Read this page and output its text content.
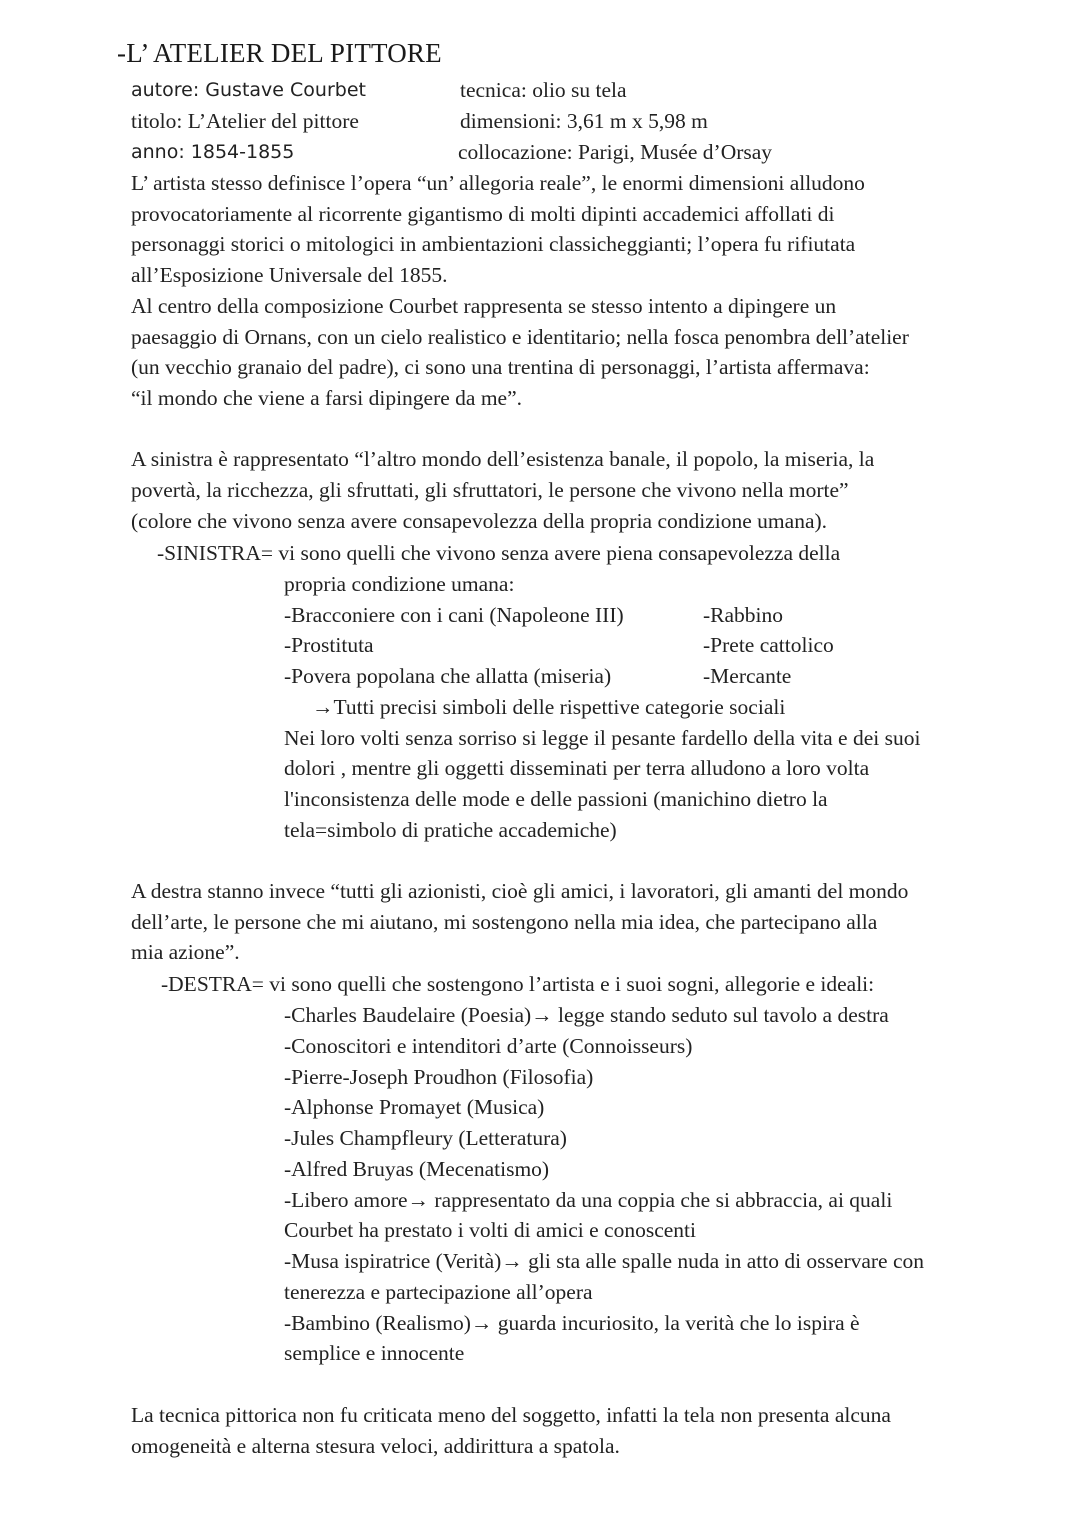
-L’ ATELIER DEL PITTORE
autore: Gustave Courbet
titolo: L’Atelier del pittore
anno: 1854-1855
tecnica: olio su tela
dimensioni: 3,61 m x 5,98 m
collocazione: Parigi, Musée d’Orsay
L’ artista stesso definisce l’opera “un’ allegoria reale”, le enormi dimensioni alludono
provocatoriamente al ricorrente gigantismo di molti dipinti accademici affollati di
personaggi storici o mitologici in ambientazioni classicheggianti; l’opera fu rifiutata
all’Esposizione Universale del 1855.
Al centro della composizione Courbet rappresenta se stesso intento a dipingere un
paesaggio di Ornans, con un cielo realistico e identitario; nella fosca penombra dell’atelier
(un vecchio granaio del padre), ci sono una trentina di personaggi, l’artista affermava:
“il mondo che viene a farsi dipingere da me”.
A sinistra è rappresentato “l’altro mondo dell’esistenza banale, il popolo, la miseria, la
povertà, la ricchezza, gli sfruttati, gli sfruttatori, le persone che vivono nella morte”
(colore che vivono senza avere consapevolezza della propria condizione umana).
-SINISTRA= vi sono quelli che vivono senza avere piena consapevolezza della
propria condizione umana:
-Bracconiere con i cani (Napoleone III)
-Prostituta
-Povera popolana che allatta (miseria)
-Rabbino
-Prete cattolico
-Mercante
→Tutti precisi simboli delle rispettive categorie sociali
Nei loro volti senza sorriso si legge il pesante fardello della vita e dei suoi
dolori , mentre gli oggetti disseminati per terra alludono a loro volta
l'inconsistenza delle mode e delle passioni (manichino dietro la
tela=simbolo di pratiche accademiche)
A destra stanno invece “tutti gli azionisti, cioè gli amici, i lavoratori, gli amanti del mondo
dell’arte, le persone che mi aiutano, mi sostengono nella mia idea, che partecipano alla
mia azione”.
-DESTRA= vi sono quelli che sostengono l’artista e i suoi sogni, allegorie e ideali:
-Charles Baudelaire (Poesia)→ legge stando seduto sul tavolo a destra
-Conoscitori e intenditori d’arte (Connoisseurs)
-Pierre-Joseph Proudhon (Filosofia)
-Alphonse Promayet (Musica)
-Jules Champfleury (Letteratura)
-Alfred Bruyas (Mecenatismo)
-Libero amore→ rappresentato da una coppia che si abbraccia, ai quali
Courbet ha prestato i volti di amici e conoscenti
-Musa ispiratrice (Verità)→ gli sta alle spalle nuda in atto di osservare con
tenerezza e partecipazione all’opera
-Bambino (Realismo)→ guarda incuriosito, la verità che lo ispira è
semplice e innocente
La tecnica pittorica non fu criticata meno del soggetto, infatti la tela non presenta alcuna
omogeneità e alterna stesura veloci, addirittura a spatola.
